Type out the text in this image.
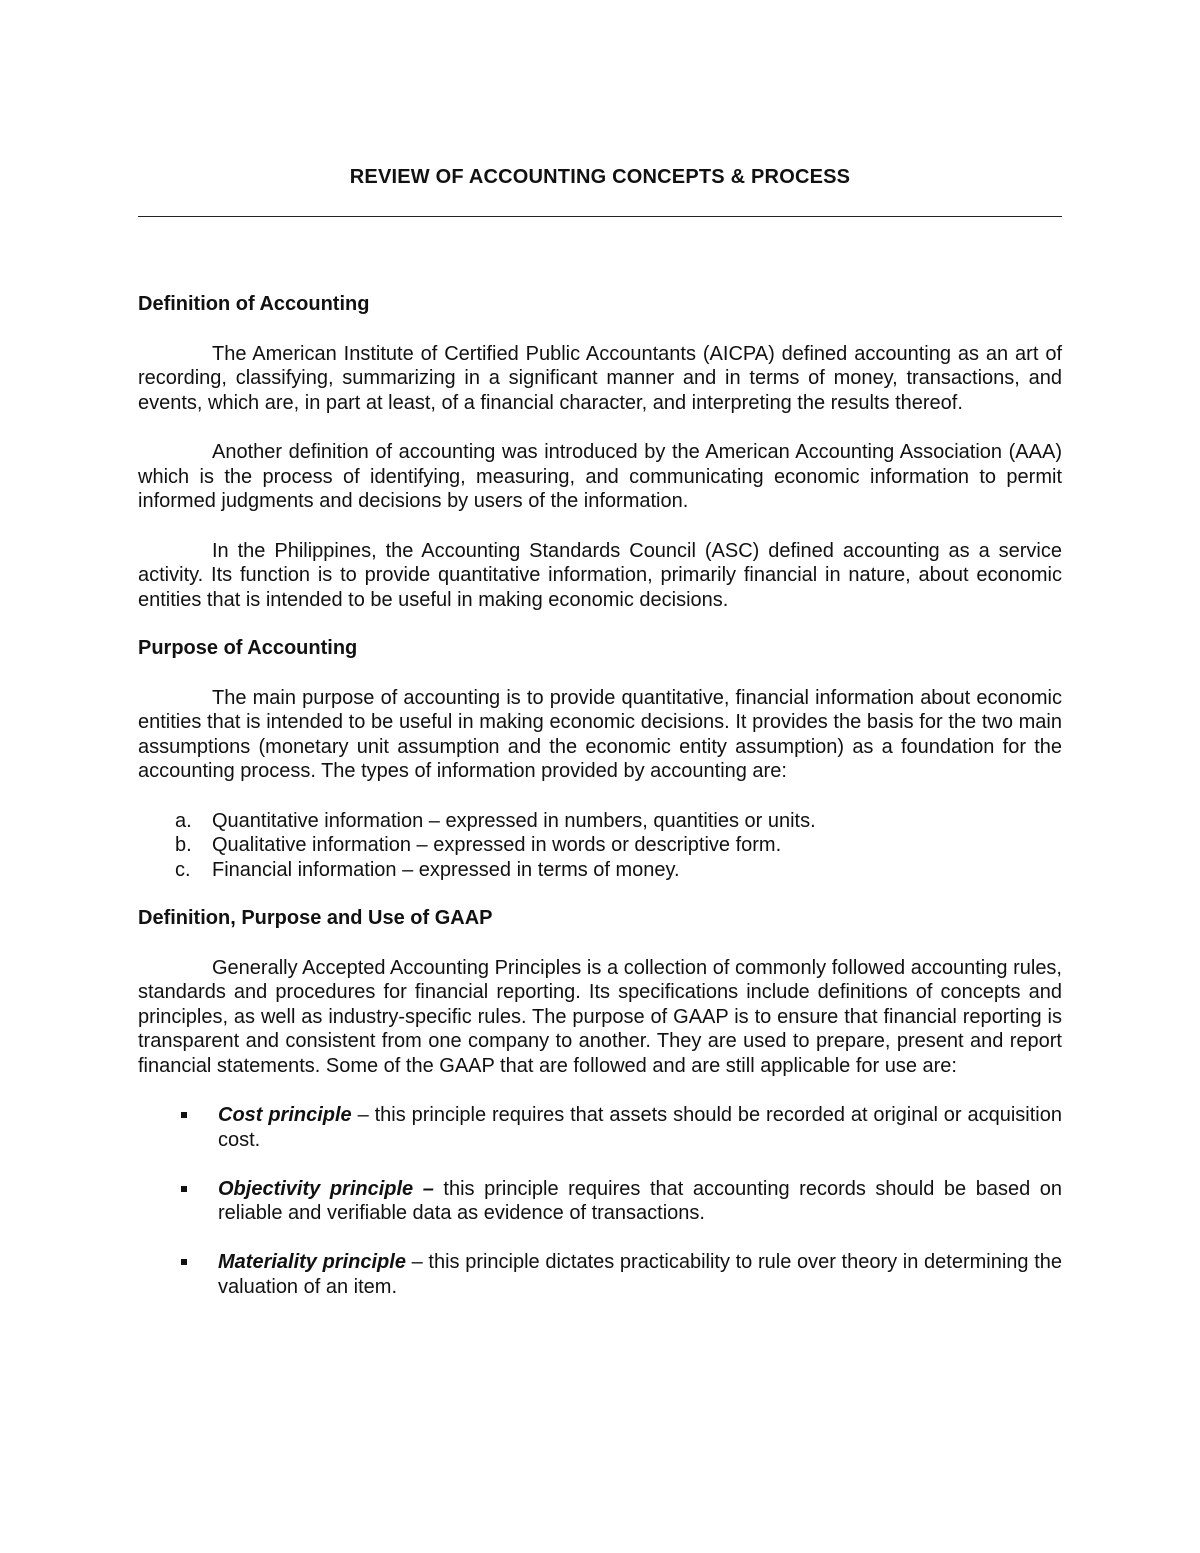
REVIEW OF ACCOUNTING CONCEPTS & PROCESS
Definition of Accounting

The American Institute of Certified Public Accountants (AICPA) defined accounting as an art of recording, classifying, summarizing in a significant manner and in terms of money, transactions, and events, which are, in part at least, of a financial character, and interpreting the results thereof.

Another definition of accounting was introduced by the American Accounting Association (AAA) which is the process of identifying, measuring, and communicating economic information to permit informed judgments and decisions by users of the information.

In the Philippines, the Accounting Standards Council (ASC) defined accounting as a service activity. Its function is to provide quantitative information, primarily financial in nature, about economic entities that is intended to be useful in making economic decisions.

Purpose of Accounting

The main purpose of accounting is to provide quantitative, financial information about economic entities that is intended to be useful in making economic decisions. It provides the basis for the two main assumptions (monetary unit assumption and the economic entity assumption) as a foundation for the accounting process. The types of information provided by accounting are:

a. Quantitative information – expressed in numbers, quantities or units.
b. Qualitative information – expressed in words or descriptive form.
c. Financial information – expressed in terms of money.
Definition, Purpose and Use of GAAP

Generally Accepted Accounting Principles is a collection of commonly followed accounting rules, standards and procedures for financial reporting. Its specifications include definitions of concepts and principles, as well as industry-specific rules. The purpose of GAAP is to ensure that financial reporting is transparent and consistent from one company to another. They are used to prepare, present and report financial statements. Some of the GAAP that are followed and are still applicable for use are:

Cost principle – this principle requires that assets should be recorded at original or acquisition cost.
Objectivity principle – this principle requires that accounting records should be based on reliable and verifiable data as evidence of transactions.
Materiality principle – this principle dictates practicability to rule over theory in determining the valuation of an item.
